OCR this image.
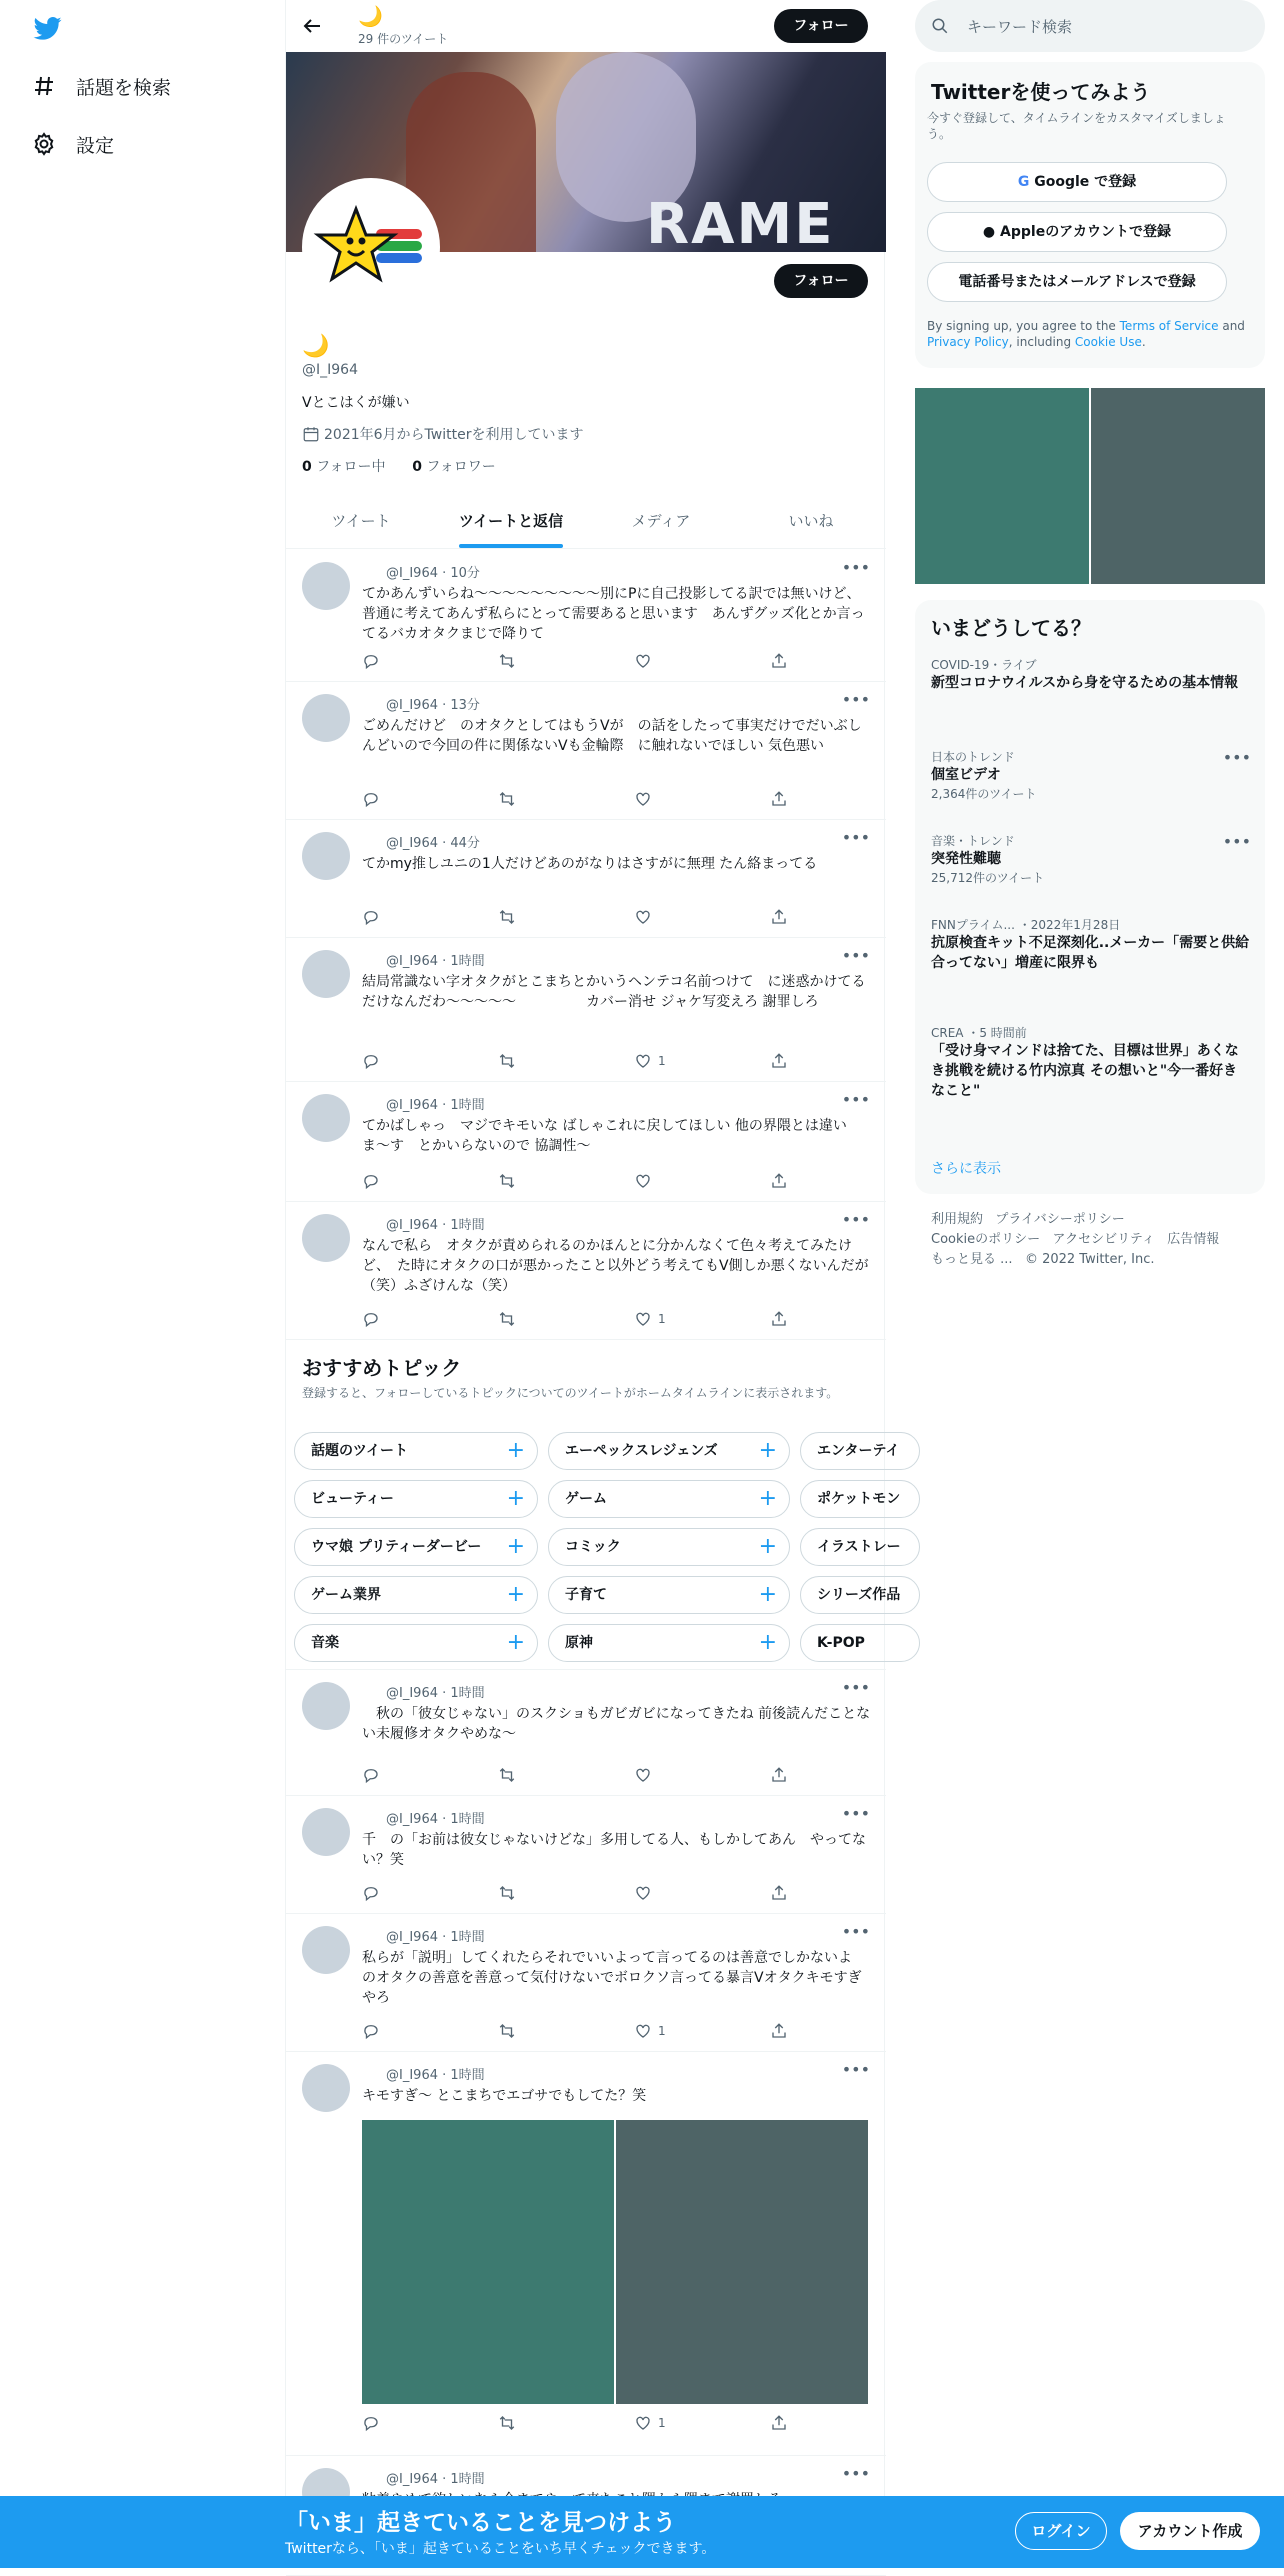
話題を検索
設定
🌙
29 件のツイート
フォロー
RAME
フォロー
🌙
@I_I964
Vとこはくが嫌い
2021年6月からTwitterを利用しています
0 フォロー中 0 フォロワー
ツイート	ツイートと返信	メディア	いいね
@I_I964 · 10分	•••
てかあんずいらね〜〜〜〜〜〜〜〜〜別にPに自己投影してる訳では無いけど、普通に考えてあんず私らにとって需要あると思います　あんずグッズ化とか言ってるバカオタクまじで降りて
@I_I964 · 13分	•••
ごめんだけど　のオタクとしてはもうVが　の話をしたって事実だけでだいぶしんどいので今回の件に関係ないVも金輪際　に触れないでほしい 気色悪い
@I_I964 · 44分	•••
てかmy推しユニの1人だけどあのがなりはさすがに無理 たん絡まってる
@I_I964 · 1時間	•••
結局常識ない字オタクがとこまちとかいうヘンテコ名前つけて　に迷惑かけてるだけなんだわ〜〜〜〜〜　　　　　カバー消せ ジャケ写変えろ 謝罪しろ
1
@I_I964 · 1時間	•••
てかばしゃっ　マジでキモいな ばしゃこれに戻してほしい 他の界隈とは違いま〜す　とかいらないので 協調性〜
@I_I964 · 1時間	•••
なんで私ら　オタクが責められるのかほんとに分かんなくて色々考えてみたけど、　た時にオタクの口が悪かったこと以外どう考えてもV側しか悪くないんだが（笑）ふざけんな（笑）
1
おすすめトピック
登録すると、フォローしているトピックについてのツイートがホームタイムラインに表示されます。
話題のツイート	+	エーペックスレジェンズ +	エンターテイ
ビューティー	+	ゲーム	+	ポケットモン
ウマ娘 プリティーダービー +	コミック	+	イラストレー
ゲーム業界	+	子育て	+	シリーズ作品
音楽	+	原神	+	K-POP
@I_I964 · 1時間	•••
　秋の「彼女じゃない」のスクショもガビガビになってきたね 前後読んだことない未履修オタクやめな〜
@I_I964 · 1時間	•••
千　の「お前は彼女じゃないけどな」多用してる人、もしかしてあん　やってない？笑
@I_I964 · 1時間	•••
私らが「説明」してくれたらそれでいいよって言ってるのは善意でしかないよ　のオタクの善意を善意って気付けないでボロクソ言ってる暴言Vオタクキモすぎやろ
1
@I_I964 · 1時間	•••
キモすぎ〜 とこまちでエゴサでもしてた？笑
1
@I_I964 · 1時間	•••
キーワード検索
Twitterを使ってみよう
今すぐ登録して、タイムラインをカスタマイズしましょう。
G Google で登録
● Appleのアカウントで登録
電話番号またはメールアドレスで登録
By signing up, you agree to the Terms of Service and Privacy Policy, including Cookie Use.
いまどうしてる？
COVID-19・ライブ
新型コロナウイルスから身を守るための基本情報
日本のトレンド
個室ビデオ
2,364件のツイート
•••
音楽・トレンド
突発性難聴
25,712件のツイート
•••
FNNプライム... ・2022年1月28日
抗原検査キット不足深刻化..メーカー「需要と供給合ってない」増産に限界も
CREA ・5 時間前
「受け身マインドは捨てた、目標は世界」あくなき挑戦を続ける竹内涼真 その想いと"今一番好きなこと"
さらに表示
利用規約 プライバシーポリシー
Cookieのポリシー アクセシビリティ 広告情報
もっと見る ... © 2022 Twitter, Inc.
「いま」起きていることを見つけよう
Twitterなら、「いま」起きていることをいち早くチェックできます。
ログイン	アカウント作成
